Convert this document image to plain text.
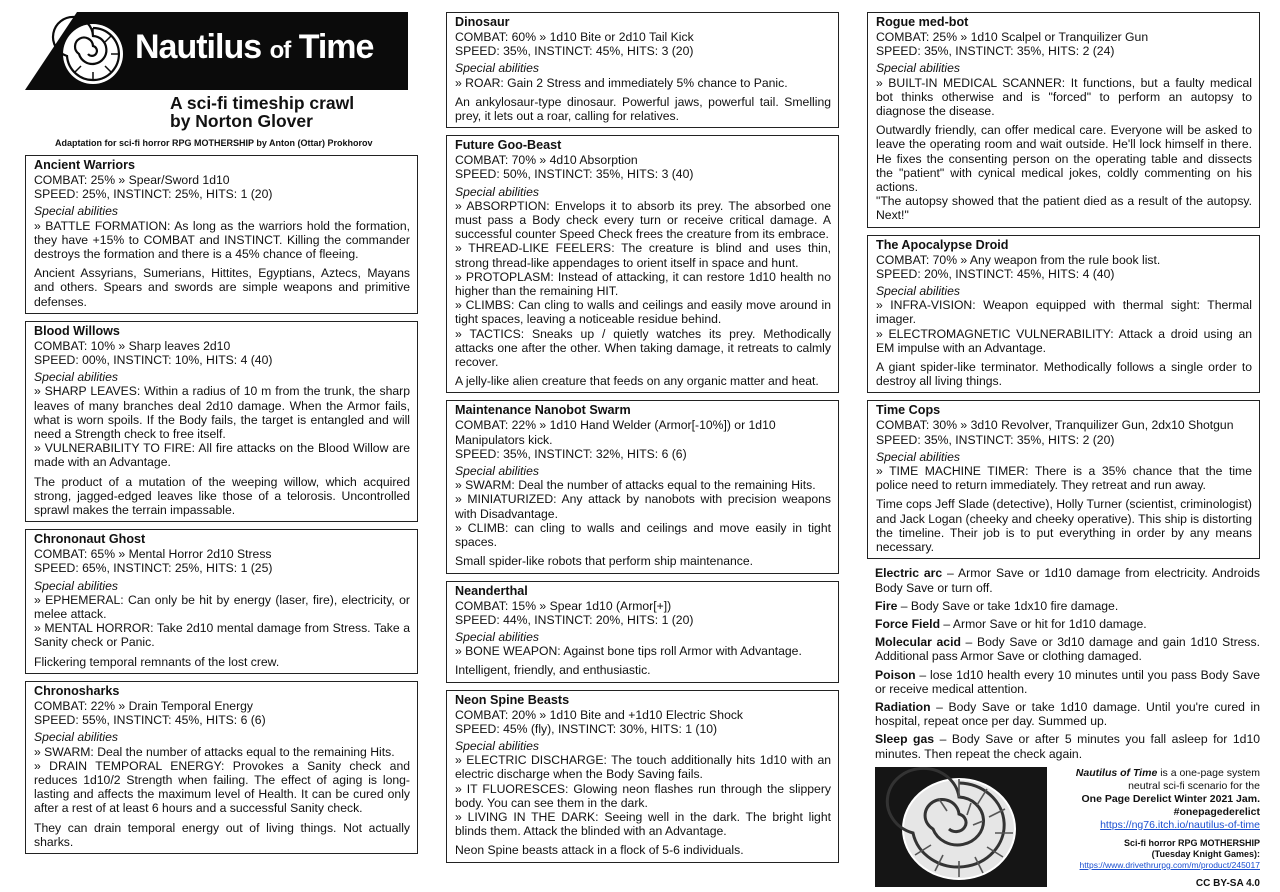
Nautilus of Time
A sci-fi timeship crawl
by Norton Glover
Adaptation for sci-fi horror RPG MOTHERSHIP by Anton (Ottar) Prokhorov
Ancient Warriors
COMBAT: 25% » Spear/Sword 1d10
SPEED: 25%, INSTINCT: 25%, HITS: 1 (20)
Special abilities
» BATTLE FORMATION: As long as the warriors hold the formation, they have +15% to COMBAT and INSTINCT. Killing the commander destroys the formation and there is a 45% chance of fleeing.
Ancient Assyrians, Sumerians, Hittites, Egyptians, Aztecs, Mayans and others. Spears and swords are simple weapons and primitive defenses.
Blood Willows
COMBAT: 10% » Sharp leaves 2d10
SPEED: 00%, INSTINCT: 10%, HITS: 4 (40)
Special abilities
» SHARP LEAVES: Within a radius of 10 m from the trunk, the sharp leaves of many branches deal 2d10 damage. When the Armor fails, what is worn spoils. If the Body fails, the target is entangled and will need a Strength check to free itself.
» VULNERABILITY TO FIRE: All fire attacks on the Blood Willow are made with an Advantage.
The product of a mutation of the weeping willow, which acquired strong, jagged-edged leaves like those of a telorosis. Uncontrolled sprawl makes the terrain impassable.
Chrononaut Ghost
COMBAT: 65% » Mental Horror 2d10 Stress
SPEED: 65%, INSTINCT: 25%, HITS: 1 (25)
Special abilities
» EPHEMERAL: Can only be hit by energy (laser, fire), electricity, or melee attack.
» MENTAL HORROR: Take 2d10 mental damage from Stress. Take a Sanity check or Panic.
Flickering temporal remnants of the lost crew.
Chronosharks
COMBAT: 22% » Drain Temporal Energy
SPEED: 55%, INSTINCT: 45%, HITS: 6 (6)
Special abilities
» SWARM: Deal the number of attacks equal to the remaining Hits.
» DRAIN TEMPORAL ENERGY: Provokes a Sanity check and reduces 1d10/2 Strength when failing. The effect of aging is long-lasting and affects the maximum level of Health. It can be cured only after a rest of at least 6 hours and a successful Sanity check.
They can drain temporal energy out of living things. Not actually sharks.
Dinosaur
COMBAT: 60% » 1d10 Bite or 2d10 Tail Kick
SPEED: 35%, INSTINCT: 45%, HITS: 3 (20)
Special abilities
» ROAR: Gain 2 Stress and immediately 5% chance to Panic.
An ankylosaur-type dinosaur. Powerful jaws, powerful tail. Smelling prey, it lets out a roar, calling for relatives.
Future Goo-Beast
COMBAT: 70% » 4d10 Absorption
SPEED: 50%, INSTINCT: 35%, HITS: 3 (40)
Special abilities
» ABSORPTION: Envelops it to absorb its prey. The absorbed one must pass a Body check every turn or receive critical damage. A successful counter Speed Check frees the creature from its embrace.
» THREAD-LIKE FEELERS: The creature is blind and uses thin, strong thread-like appendages to orient itself in space and hunt.
» PROTOPLASM: Instead of attacking, it can restore 1d10 health no higher than the remaining HIT.
» CLIMBS: Can cling to walls and ceilings and easily move around in tight spaces, leaving a noticeable residue behind.
» TACTICS: Sneaks up / quietly watches its prey. Methodically attacks one after the other. When taking damage, it retreats to calmly recover.
A jelly-like alien creature that feeds on any organic matter and heat.
Maintenance Nanobot Swarm
COMBAT: 22% » 1d10 Hand Welder (Armor[-10%]) or 1d10 Manipulators kick.
SPEED: 35%, INSTINCT: 32%, HITS: 6 (6)
Special abilities
» SWARM: Deal the number of attacks equal to the remaining Hits.
» MINIATURIZED: Any attack by nanobots with precision weapons with Disadvantage.
» CLIMB: can cling to walls and ceilings and move easily in tight spaces.
Small spider-like robots that perform ship maintenance.
Neanderthal
COMBAT: 15% » Spear 1d10 (Armor[+])
SPEED: 44%, INSTINCT: 20%, HITS: 1 (20)
Special abilities
» BONE WEAPON: Against bone tips roll Armor with Advantage.
Intelligent, friendly, and enthusiastic.
Neon Spine Beasts
COMBAT: 20% » 1d10 Bite and +1d10 Electric Shock
SPEED: 45% (fly), INSTINCT: 30%, HITS: 1 (10)
Special abilities
» ELECTRIC DISCHARGE: The touch additionally hits 1d10 with an electric discharge when the Body Saving fails.
» IT FLUORESCES: Glowing neon flashes run through the slippery body. You can see them in the dark.
» LIVING IN THE DARK: Seeing well in the dark. The bright light blinds them. Attack the blinded with an Advantage.
Neon Spine beasts attack in a flock of 5-6 individuals.
Rogue med-bot
COMBAT: 25% » 1d10 Scalpel or Tranquilizer Gun
SPEED: 35%, INSTINCT: 35%, HITS: 2 (24)
Special abilities
» BUILT-IN MEDICAL SCANNER: It functions, but a faulty medical bot thinks otherwise and is "forced" to perform an autopsy to diagnose the disease.
Outwardly friendly, can offer medical care. Everyone will be asked to leave the operating room and wait outside. He'll lock himself in there. He fixes the consenting person on the operating table and dissects the "patient" with cynical medical jokes, coldly commenting on his actions.
"The autopsy showed that the patient died as a result of the autopsy. Next!"
The Apocalypse Droid
COMBAT: 70% » Any weapon from the rule book list.
SPEED: 20%, INSTINCT: 45%, HITS: 4 (40)
Special abilities
» INFRA-VISION: Weapon equipped with thermal sight: Thermal imager.
» ELECTROMAGNETIC VULNERABILITY: Attack a droid using an EM impulse with an Advantage.
A giant spider-like terminator. Methodically follows a single order to destroy all living things.
Time Cops
COMBAT: 30% » 3d10 Revolver, Tranquilizer Gun, 2dx10 Shotgun
SPEED: 35%, INSTINCT: 35%, HITS: 2 (20)
Special abilities
» TIME MACHINE TIMER: There is a 35% chance that the time police need to return immediately. They retreat and run away.
Time cops Jeff Slade (detective), Holly Turner (scientist, criminologist) and Jack Logan (cheeky and cheeky operative). This ship is distorting the timeline. Their job is to put everything in order by any means necessary.
Electric arc – Armor Save or 1d10 damage from electricity. Androids Body Save or turn off.
Fire – Body Save or take 1dx10 fire damage.
Force Field – Armor Save or hit for 1d10 damage.
Molecular acid – Body Save or 3d10 damage and gain 1d10 Stress. Additional pass Armor Save or clothing damaged.
Poison – lose 1d10 health every 10 minutes until you pass Body Save or receive medical attention.
Radiation – Body Save or take 1d10 damage. Until you're cured in hospital, repeat once per day. Summed up.
Sleep gas – Body Save or after 5 minutes you fall asleep for 1d10 minutes. Then repeat the check again.
Nautilus of Time is a one-page system
neutral sci-fi scenario for the
One Page Derelict Winter 2021 Jam.
#onepagederelict
https://ng76.itch.io/nautilus-of-time
Sci-fi horror RPG MOTHERSHIP
(Tuesday Knight Games):
https://www.drivethrurpg.com/m/product/245017
CC BY-SA 4.0
